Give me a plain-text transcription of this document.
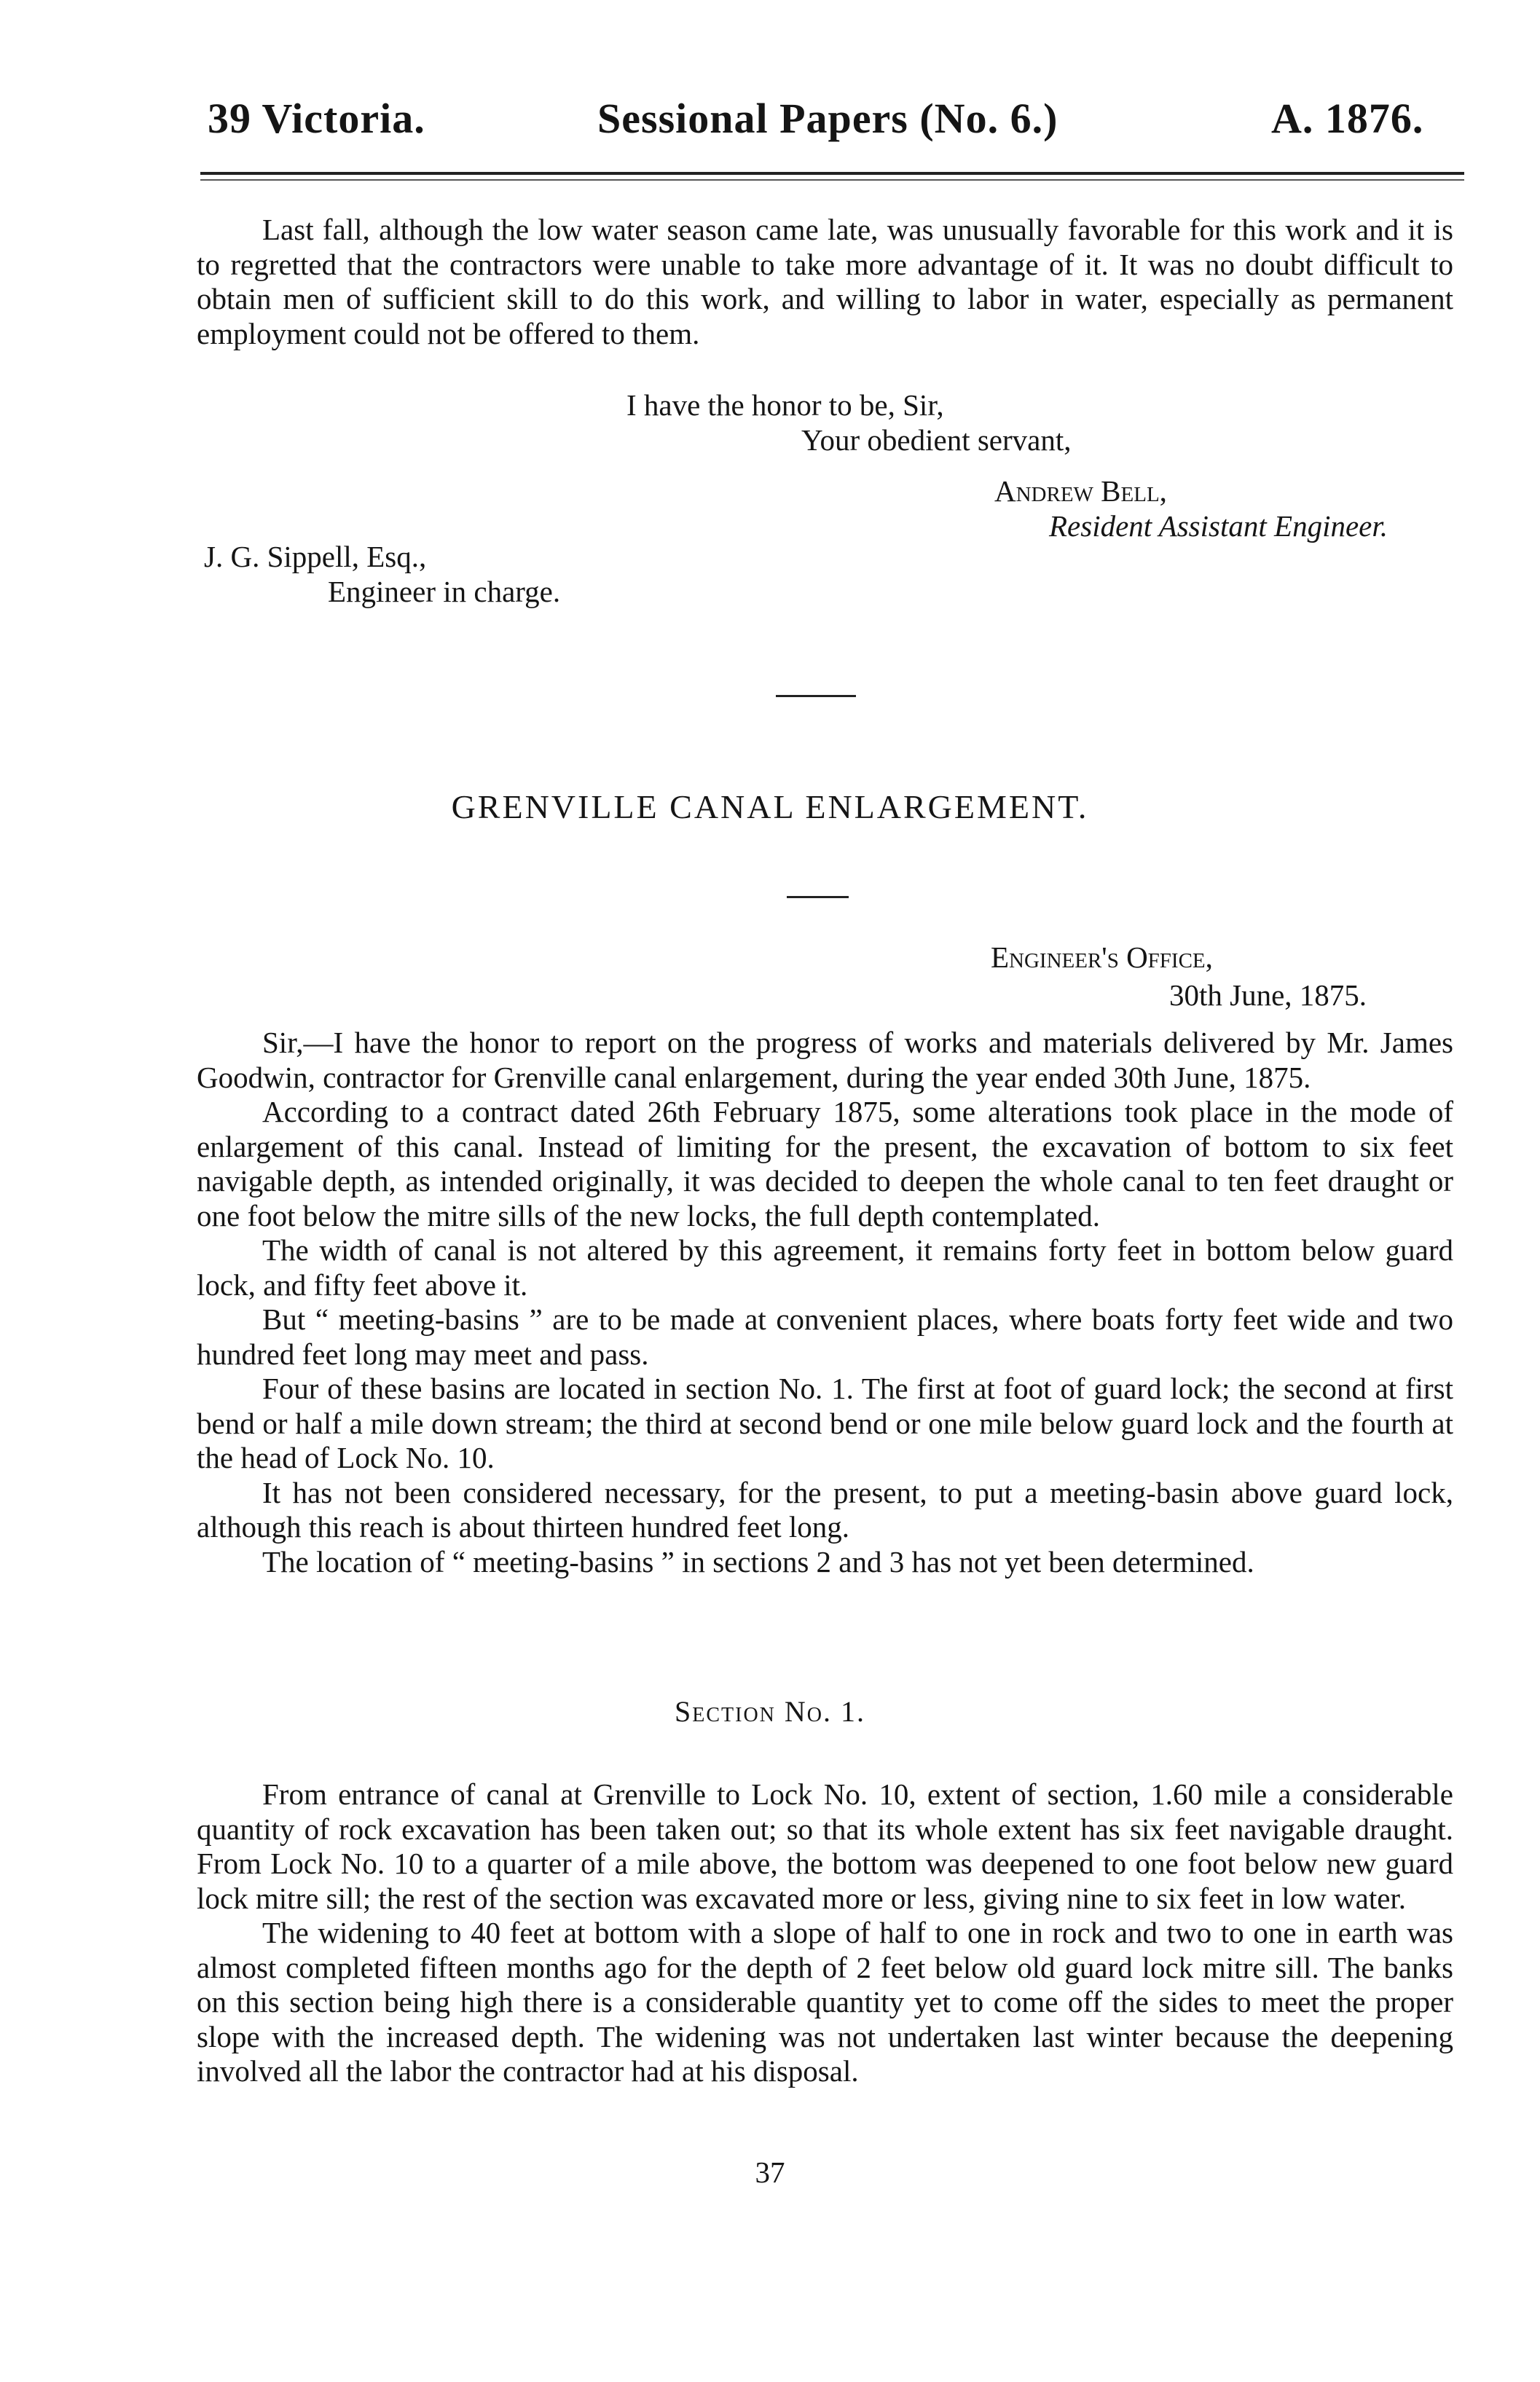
39 Victoria.	Sessional Papers (No. 6.)	A. 1876.

Last fall, although the low water season came late, was unusually favorable for this work and it is to regretted that the contractors were unable to take more advantage of it. It was no doubt difficult to obtain men of sufficient skill to do this work, and willing to labor in water, especially as permanent employment could not be offered to them.

I have the honor to be, Sir,
Your obedient servant,
Andrew Bell,
Resident Assistant Engineer.
J. G. Sippell, Esq.,
Engineer in charge.
GRENVILLE CANAL ENLARGEMENT.
Engineer's Office,
30th June, 1875.

Sir,—I have the honor to report on the progress of works and materials delivered by Mr. James Goodwin, contractor for Grenville canal enlargement, during the year ended 30th June, 1875.

According to a contract dated 26th February 1875, some alterations took place in the mode of enlargement of this canal. Instead of limiting for the present, the excavation of bottom to six feet navigable depth, as intended originally, it was decided to deepen the whole canal to ten feet draught or one foot below the mitre sills of the new locks, the full depth contemplated.

The width of canal is not altered by this agreement, it remains forty feet in bottom below guard lock, and fifty feet above it.

But “ meeting-basins ” are to be made at convenient places, where boats forty feet wide and two hundred feet long may meet and pass.

Four of these basins are located in section No. 1. The first at foot of guard lock; the second at first bend or half a mile down stream; the third at second bend or one mile below guard lock and the fourth at the head of Lock No. 10.

It has not been considered necessary, for the present, to put a meeting-basin above guard lock, although this reach is about thirteen hundred feet long.

The location of “ meeting-basins ” in sections 2 and 3 has not yet been determined.

Section No. 1.

From entrance of canal at Grenville to Lock No. 10, extent of section, 1.60 mile a considerable quantity of rock excavation has been taken out; so that its whole extent has six feet navigable draught. From Lock No. 10 to a quarter of a mile above, the bottom was deepened to one foot below new guard lock mitre sill; the rest of the section was excavated more or less, giving nine to six feet in low water.

The widening to 40 feet at bottom with a slope of half to one in rock and two to one in earth was almost completed fifteen months ago for the depth of 2 feet below old guard lock mitre sill. The banks on this section being high there is a considerable quantity yet to come off the sides to meet the proper slope with the increased depth. The widening was not undertaken last winter because the deepening involved all the labor the contractor had at his disposal.

37
